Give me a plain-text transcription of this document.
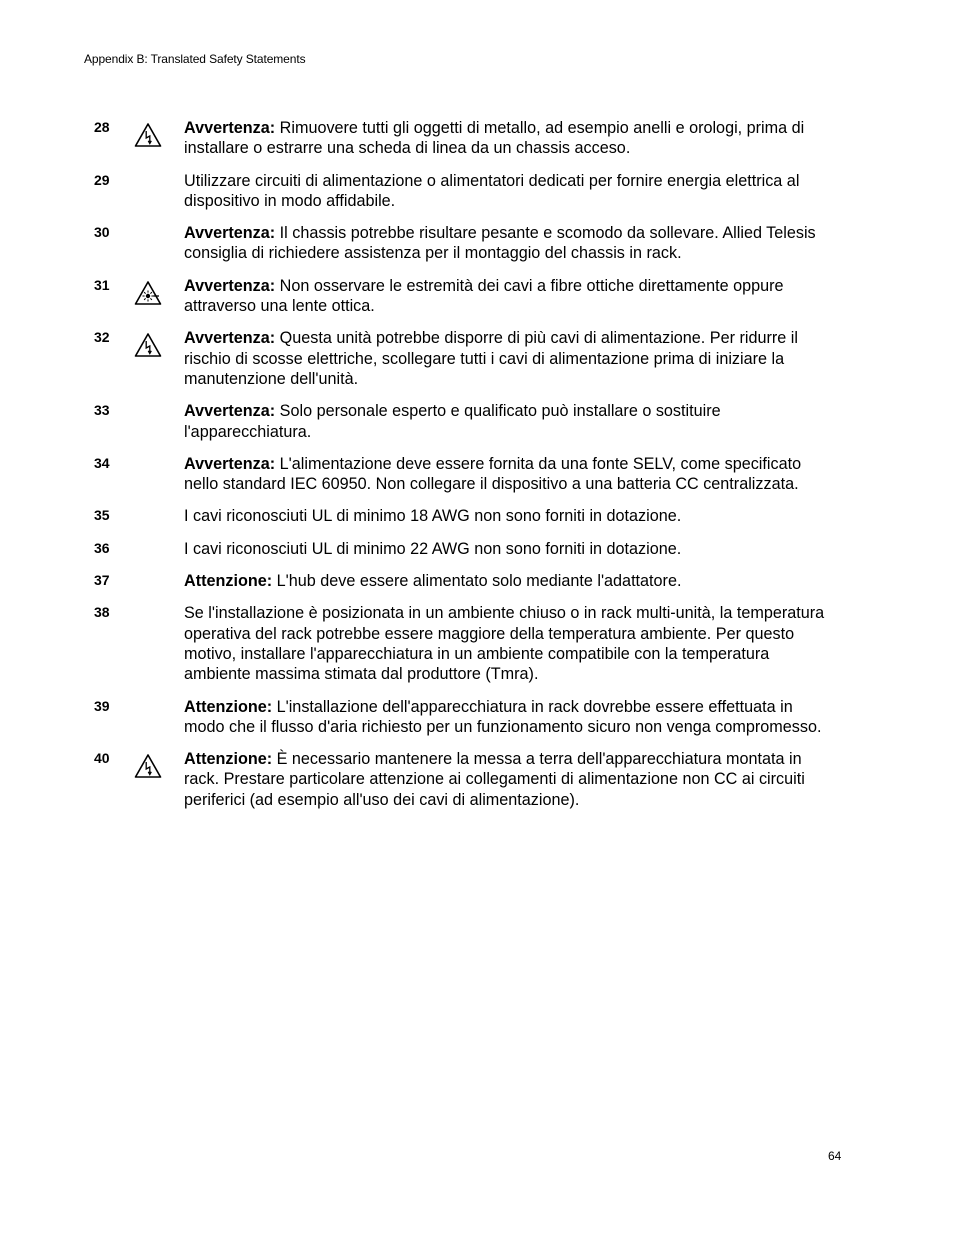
Appendix B: Translated Safety Statements
28	Avvertenza: Rimuovere tutti gli oggetti di metallo, ad esempio anelli e orologi, prima di installare o estrarre una scheda di linea da un chassis acceso.
29	Utilizzare circuiti di alimentazione o alimentatori dedicati per fornire energia elettrica al dispositivo in modo affidabile.
30	Avvertenza: Il chassis potrebbe risultare pesante e scomodo da sollevare. Allied Telesis consiglia di richiedere assistenza per il montaggio del chassis in rack.
31	Avvertenza: Non osservare le estremità dei cavi a fibre ottiche direttamente oppure attraverso una lente ottica.
32	Avvertenza: Questa unità potrebbe disporre di più cavi di alimentazione. Per ridurre il rischio di scosse elettriche, scollegare tutti i cavi di alimentazione prima di iniziare la manutenzione dell'unità.
33	Avvertenza: Solo personale esperto e qualificato può installare o sostituire l'apparecchiatura.
34	Avvertenza: L'alimentazione deve essere fornita da una fonte SELV, come specificato nello standard IEC 60950. Non collegare il dispositivo a una batteria CC centralizzata.
35	I cavi riconosciuti UL di minimo 18 AWG non sono forniti in dotazione.
36	I cavi riconosciuti UL di minimo 22 AWG non sono forniti in dotazione.
37	Attenzione: L'hub deve essere alimentato solo mediante l'adattatore.
38	Se l'installazione è posizionata in un ambiente chiuso o in rack multi-unità, la temperatura operativa del rack potrebbe essere maggiore della temperatura ambiente. Per questo motivo, installare l'apparecchiatura in un ambiente compatibile con la temperatura ambiente massima stimata dal produttore (Tmra).
39	Attenzione: L'installazione dell'apparecchiatura in rack dovrebbe essere effettuata in modo che il flusso d'aria richiesto per un funzionamento sicuro non venga compromesso.
40	Attenzione: È necessario mantenere la messa a terra dell'apparecchiatura montata in rack. Prestare particolare attenzione ai collegamenti di alimentazione non CC ai circuiti periferici (ad esempio all'uso dei cavi di alimentazione).
64
